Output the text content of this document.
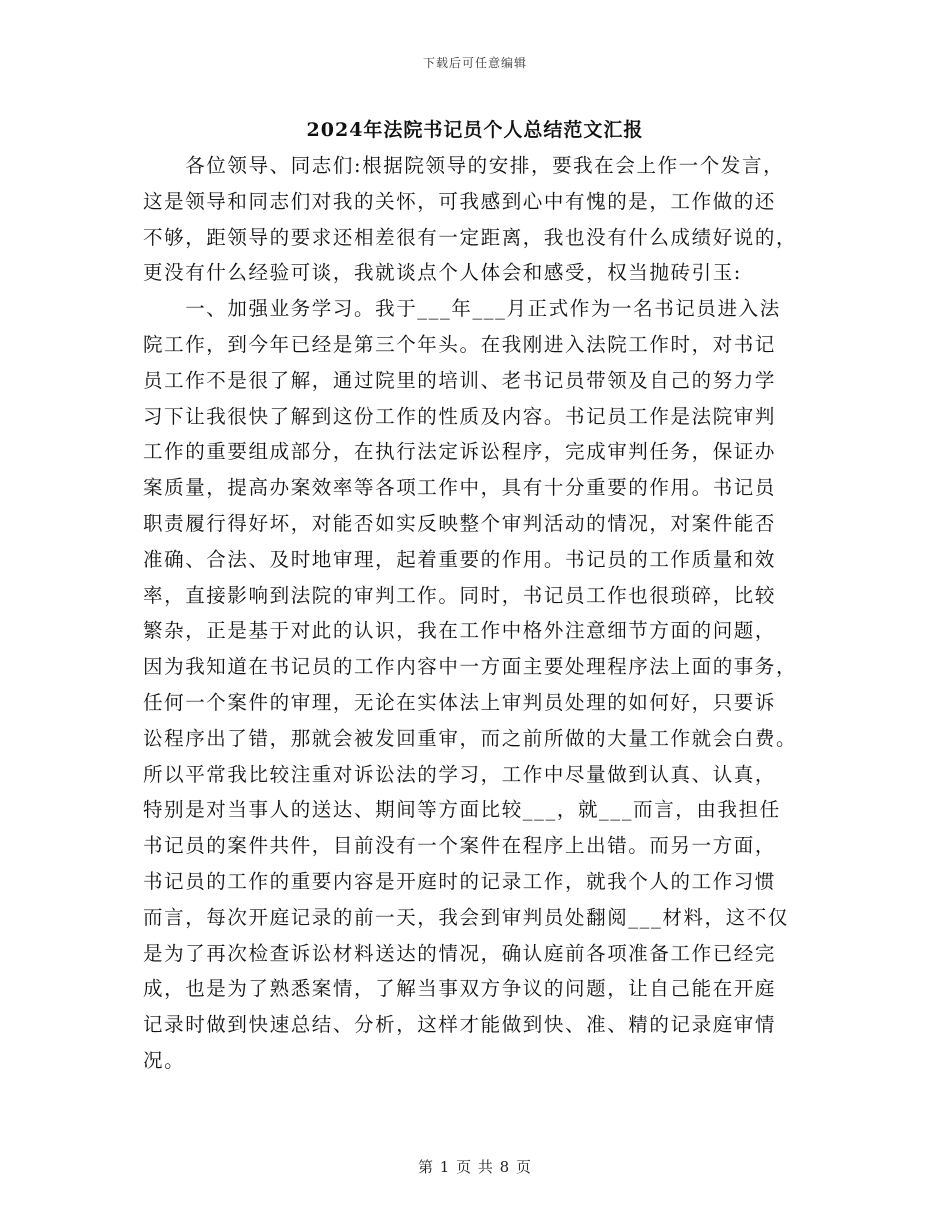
下载后可任意编辑
2024年法院书记员个人总结范文汇报
　　各位领导、同志们:根据院领导的安排，要我在会上作一个发言，
这是领导和同志们对我的关怀，可我感到心中有愧的是，工作做的还
不够，距领导的要求还相差很有一定距离，我也没有什么成绩好说的，
更没有什么经验可谈，我就谈点个人体会和感受，权当抛砖引玉:
　　一、加强业务学习。我于___年___月正式作为一名书记员进入法
院工作，到今年已经是第三个年头。在我刚进入法院工作时，对书记
员工作不是很了解，通过院里的培训、老书记员带领及自己的努力学
习下让我很快了解到这份工作的性质及内容。书记员工作是法院审判
工作的重要组成部分，在执行法定诉讼程序，完成审判任务，保证办
案质量，提高办案效率等各项工作中，具有十分重要的作用。书记员
职责履行得好坏，对能否如实反映整个审判活动的情况，对案件能否
准确、合法、及时地审理，起着重要的作用。书记员的工作质量和效
率，直接影响到法院的审判工作。同时，书记员工作也很琐碎，比较
繁杂，正是基于对此的认识，我在工作中格外注意细节方面的问题，
因为我知道在书记员的工作内容中一方面主要处理程序法上面的事务，
任何一个案件的审理，无论在实体法上审判员处理的如何好，只要诉
讼程序出了错，那就会被发回重审，而之前所做的大量工作就会白费。
所以平常我比较注重对诉讼法的学习，工作中尽量做到认真、认真，
特别是对当事人的送达、期间等方面比较___，就___而言，由我担任
书记员的案件共件，目前没有一个案件在程序上出错。而另一方面，
书记员的工作的重要内容是开庭时的记录工作，就我个人的工作习惯
而言，每次开庭记录的前一天，我会到审判员处翻阅___材料，这不仅
是为了再次检查诉讼材料送达的情况，确认庭前各项准备工作已经完
成，也是为了熟悉案情，了解当事双方争议的问题，让自己能在开庭
记录时做到快速总结、分析，这样才能做到快、准、精的记录庭审情
况。
第 1 页 共 8 页
